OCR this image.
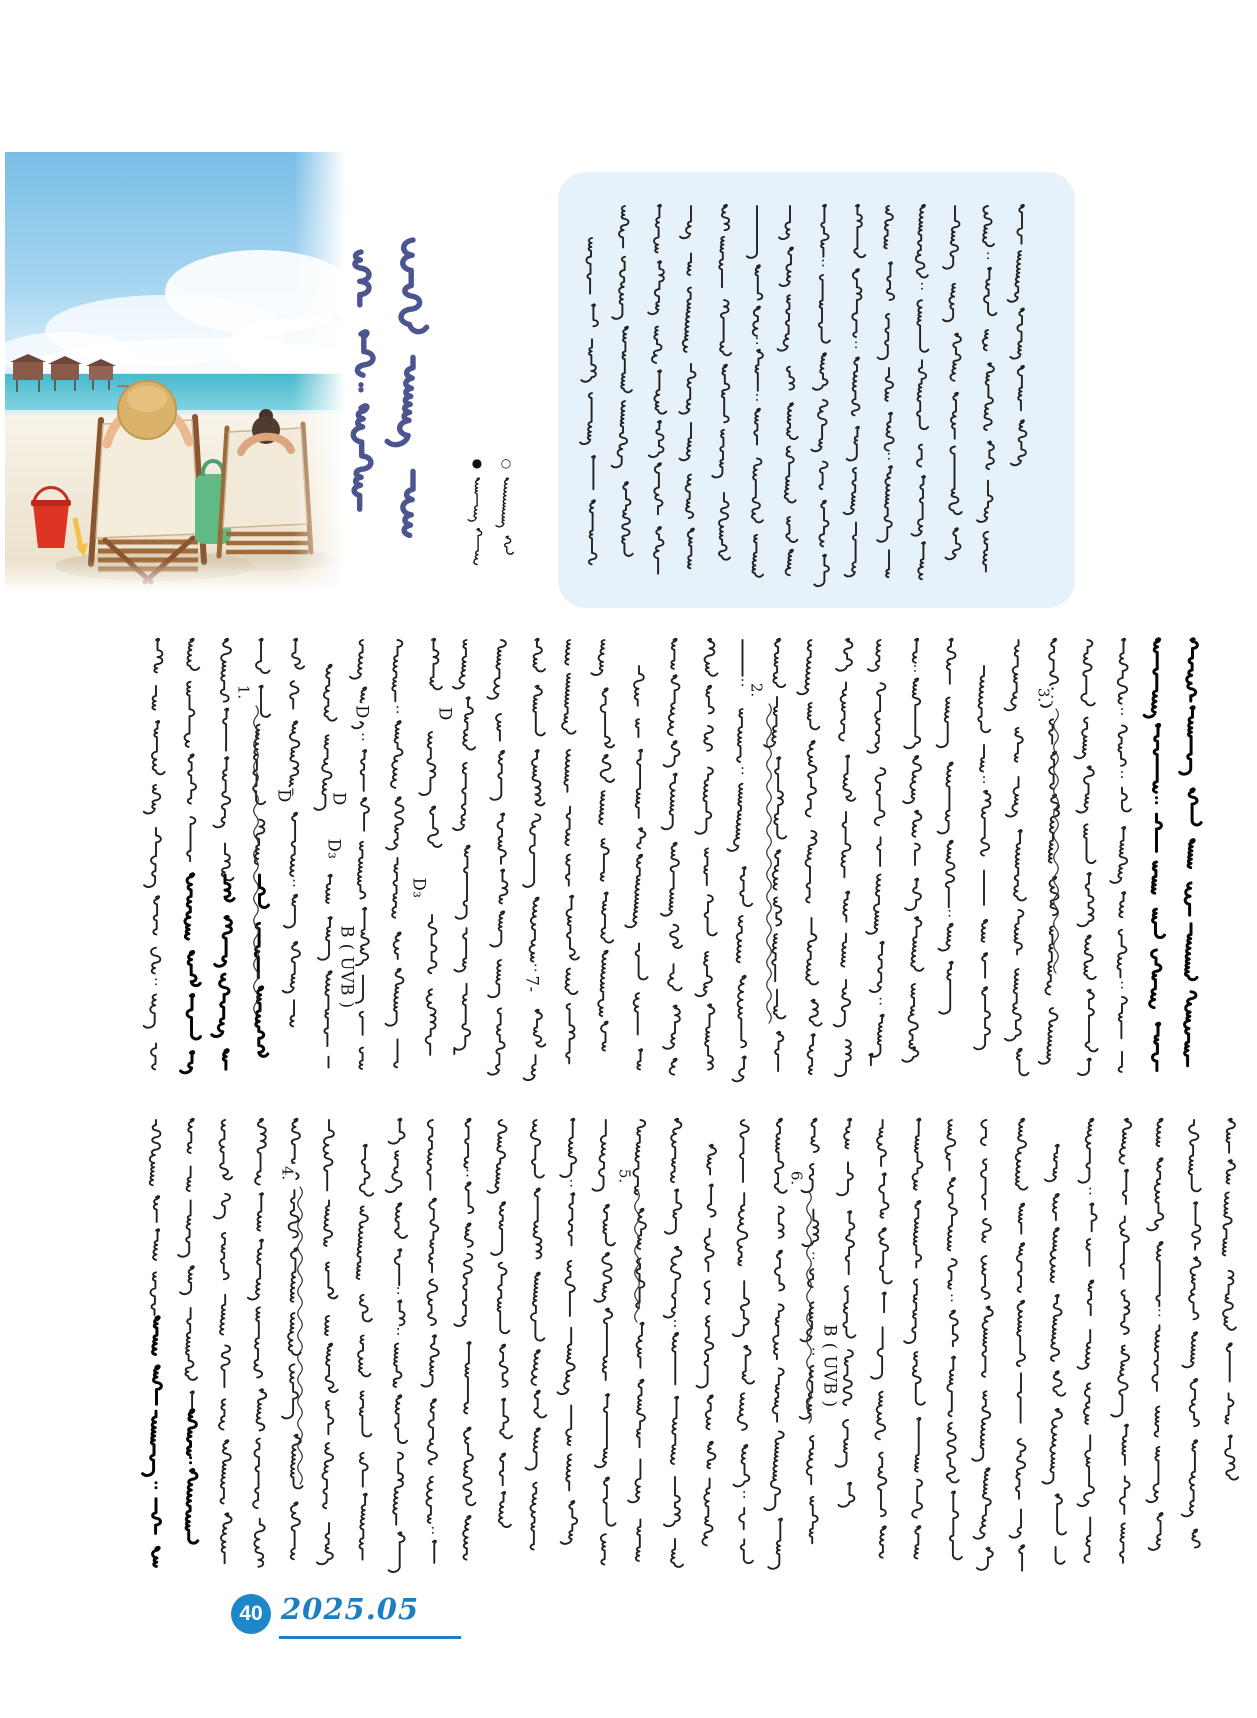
● ○
40 2025.05
1.	2.	3.
4.	5.	6.
D	D
D D
D₃
D₃
B ( UVB )	7-
B ( UVB )
